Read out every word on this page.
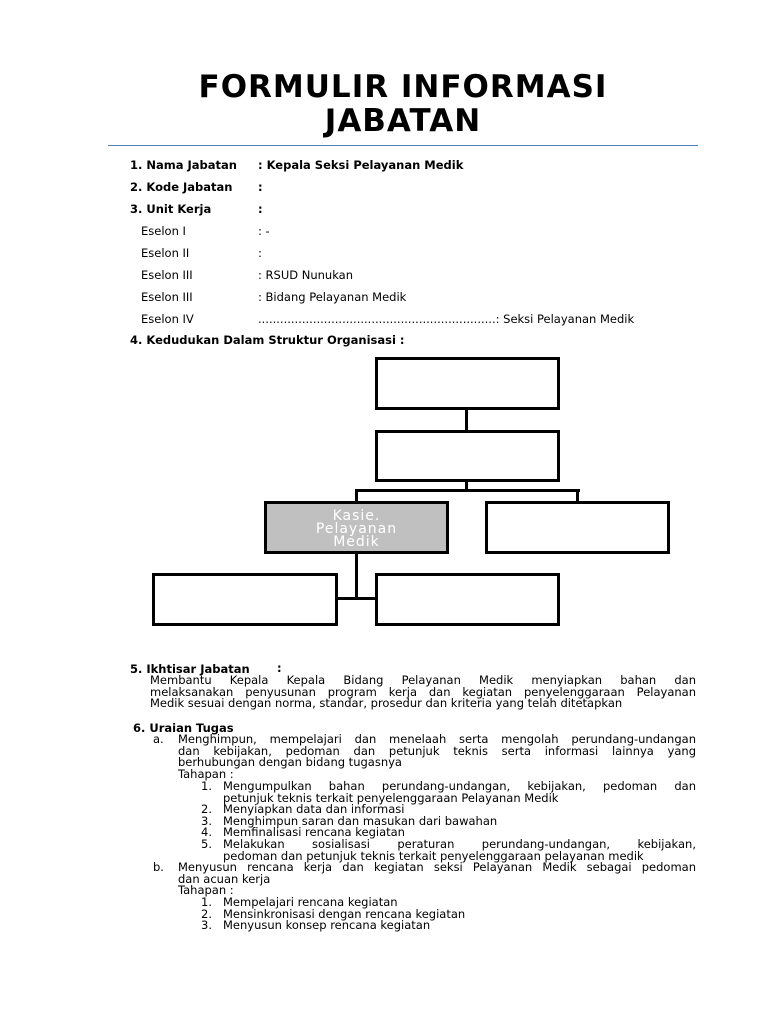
FORMULIR INFORMASI
JABATAN
1. Nama Jabatan : Kepala Seksi Pelayanan Medik
2. Kode Jabatan :
3. Unit Kerja	:
Eselon I	: -
Eselon II	:
Eselon III	: RSUD Nunukan
Eselon III	: Bidang Pelayanan Medik
Eselon IV	.................................................................: Seksi Pelayanan Medik
4. Kedudukan Dalam Struktur Organisasi :
Kasie.
Pelayanan
Medik
5. Ikhtisar Jabatan :
Membantu Kepala Kepala Bidang Pelayanan Medik menyiapkan bahan dan
melaksanakan penyusunan program kerja dan kegiatan penyelenggaraan Pelayanan
Medik sesuai dengan norma, standar, prosedur dan kriteria yang telah ditetapkan
6. Uraian Tugas
a. Menghimpun, mempelajari dan menelaah serta mengolah perundang-undangan
dan kebijakan, pedoman dan petunjuk teknis serta informasi lainnya yang
berhubungan dengan bidang tugasnya
Tahapan :
1. Mengumpulkan bahan perundang-undangan, kebijakan, pedoman dan
petunjuk teknis terkait penyelenggaraan Pelayanan Medik
2. Menyiapkan data dan informasi
3. Menghimpun saran dan masukan dari bawahan
4. Memfinalisasi rencana kegiatan
5. Melakukan sosialisasi peraturan perundang-undangan, kebijakan,
pedoman dan petunjuk teknis terkait penyelenggaraan pelayanan medik
b. Menyusun rencana kerja dan kegiatan seksi Pelayanan Medik sebagai pedoman
dan acuan kerja
Tahapan :
1. Mempelajari rencana kegiatan
2. Mensinkronisasi dengan rencana kegiatan
3. Menyusun konsep rencana kegiatan
